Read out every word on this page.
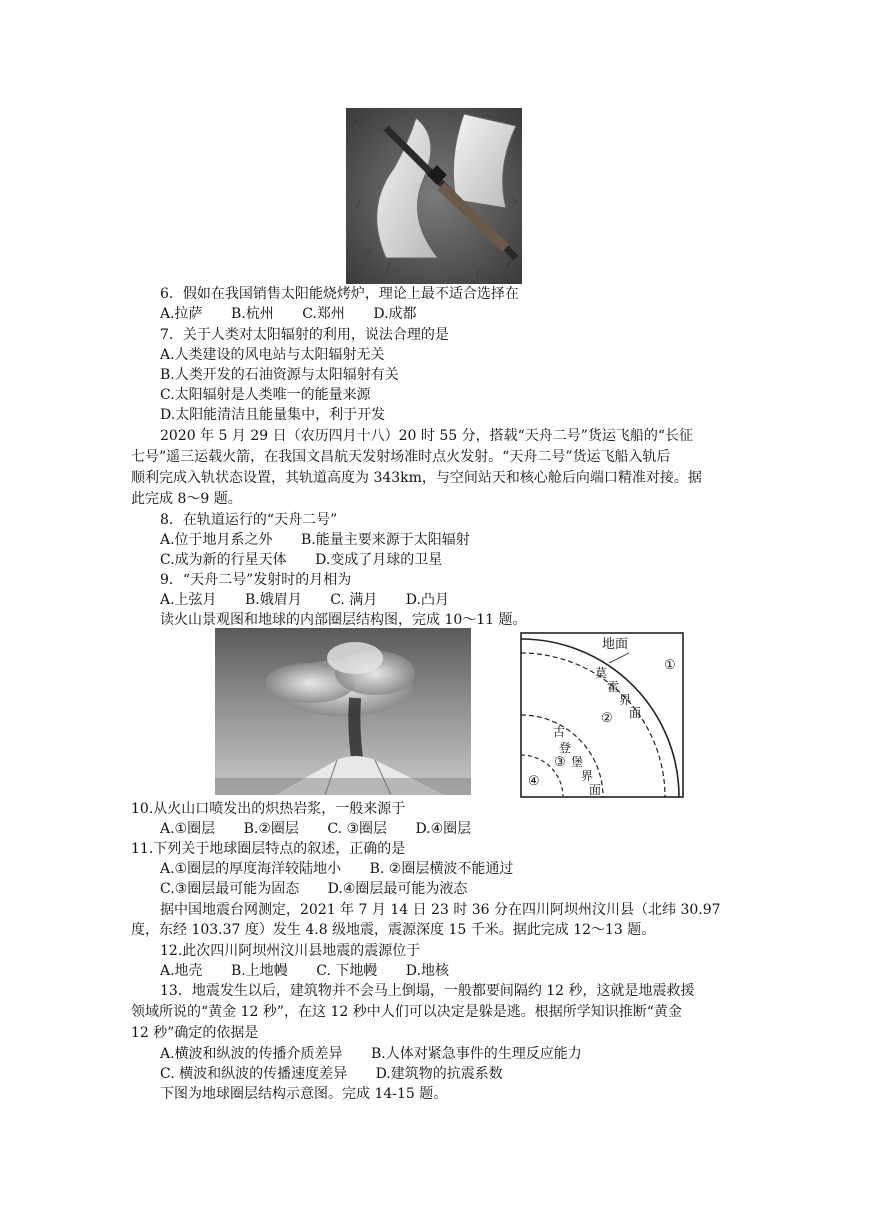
6．假如在我国销售太阳能烧烤炉，理论上最不适合选择在
A.拉萨 B.杭州 C.郑州 D.成都
7．关于人类对太阳辐射的利用，说法合理的是
A.人类建设的风电站与太阳辐射无关
B.人类开发的石油资源与太阳辐射有关
C.太阳辐射是人类唯一的能量来源
D.太阳能清洁且能量集中，利于开发
2020 年 5 月 29 日（农历四月十八）20 时 55 分，搭载“天舟二号”货运飞船的“长征
七号”遥三运载火箭，在我国文昌航天发射场准时点火发射。“天舟二号”货运飞船入轨后
顺利完成入轨状态设置，其轨道高度为 343km，与空间站天和核心舱后向端口精准对接。据
此完成 8～9 题。
8．在轨道运行的“天舟二号”
A.位于地月系之外 B.能量主要来源于太阳辐射
C.成为新的行星天体 D.变成了月球的卫星
9．“天舟二号”发射时的月相为
A.上弦月 B.娥眉月 C. 满月 D.凸月
读火山景观图和地球的内部圈层结构图，完成 10～11 题。
地面
①
莫
霍
界
面
②
古
登
堡
界
面
③
④
10.从火山口喷发出的炽热岩浆，一般来源于
A.①圈层 B.②圈层 C. ③圈层 D.④圈层
11.下列关于地球圈层特点的叙述，正确的是
A.①圈层的厚度海洋较陆地小 B. ②圈层横波不能通过
C.③圈层最可能为固态 D.④圈层最可能为液态
据中国地震台网测定，2021 年 7 月 14 日 23 时 36 分在四川阿坝州汶川县（北纬 30.97
度，东经 103.37 度）发生 4.8 级地震，震源深度 15 千米。据此完成 12～13 题。
12.此次四川阿坝州汶川县地震的震源位于
A.地壳 B.上地幔 C. 下地幔 D.地核
13．地震发生以后，建筑物并不会马上倒塌，一般都要间隔约 12 秒，这就是地震救援
领域所说的“黄金 12 秒”，在这 12 秒中人们可以决定是躲是逃。根据所学知识推断“黄金
12 秒”确定的依据是
A.横波和纵波的传播介质差异 B.人体对紧急事件的生理反应能力
C. 横波和纵波的传播速度差异 D.建筑物的抗震系数
下图为地球圈层结构示意图。完成 14-15 题。
